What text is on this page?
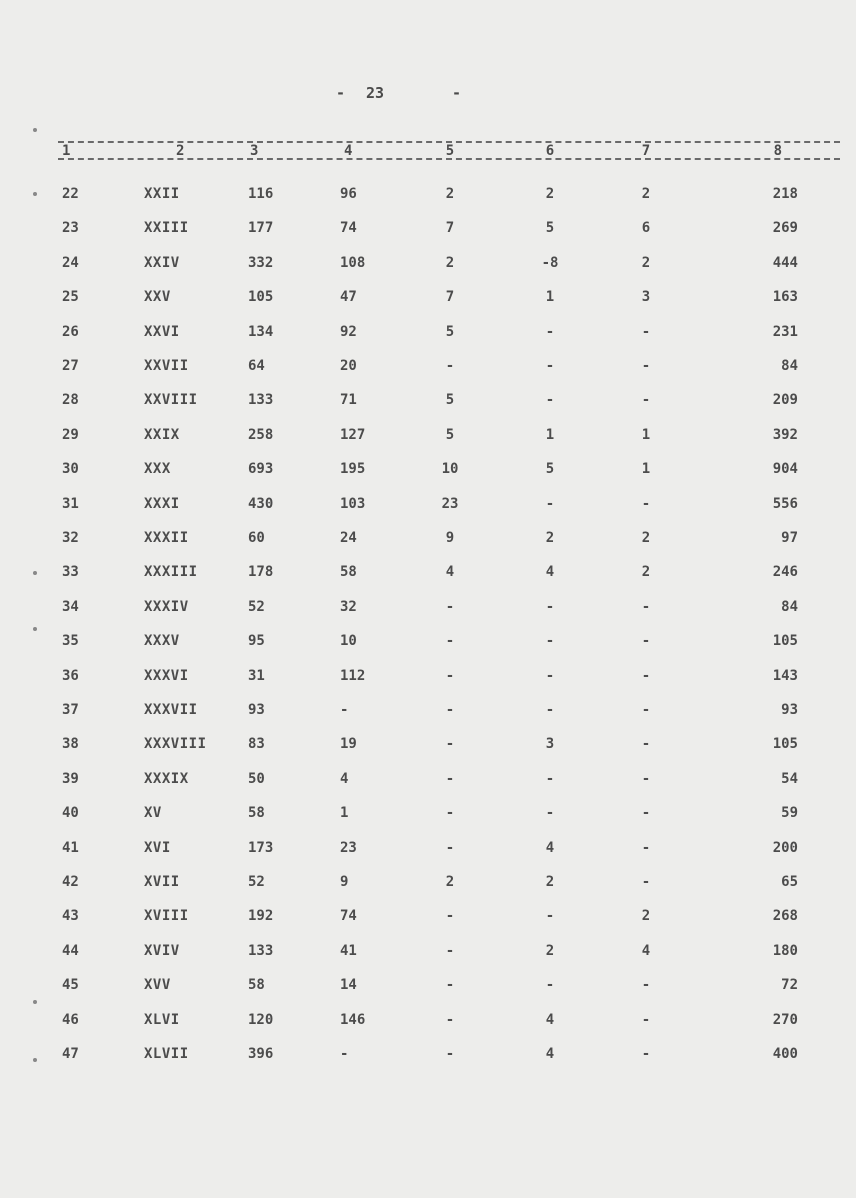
- 23	-
1	2	3	4	5	6	7	8
22	XXII	116	96	2	2	2	218
23	XXIII	177	74	7	5	6	269
24	XXIV	332	108	2	-8	2	444
25	XXV	105	47	7	1	3	163
26	XXVI	134	92	5	-	-	231
27	XXVII	64	20	-	-	-	84
28	XXVIII	133	71	5	-	-	209
29	XXIX	258	127	5	1	1	392
30	XXX	693	195	10	5	1	904
31	XXXI	430	103	23	-	-	556
32	XXXII	60	24	9	2	2	97
33	XXXIII	178	58	4	4	2	246
34	XXXIV	52	32	-	-	-	84
35	XXXV	95	10	-	-	-	105
36	XXXVI	31	112	-	-	-	143
37	XXXVII	93	-	-	-	-	93
38	XXXVIII	83	19	-	3	-	105
39	XXXIX	50	4	-	-	-	54
40	XV	58	1	-	-	-	59
41	XVI	173	23	-	4	-	200
42	XVII	52	9	2	2	-	65
43	XVIII	192	74	-	-	2	268
44	XVIV	133	41	-	2	4	180
45	XVV	58	14	-	-	-	72
46	XLVI	120	146	-	4	-	270
47	XLVII	396	-	-	4	-	400
